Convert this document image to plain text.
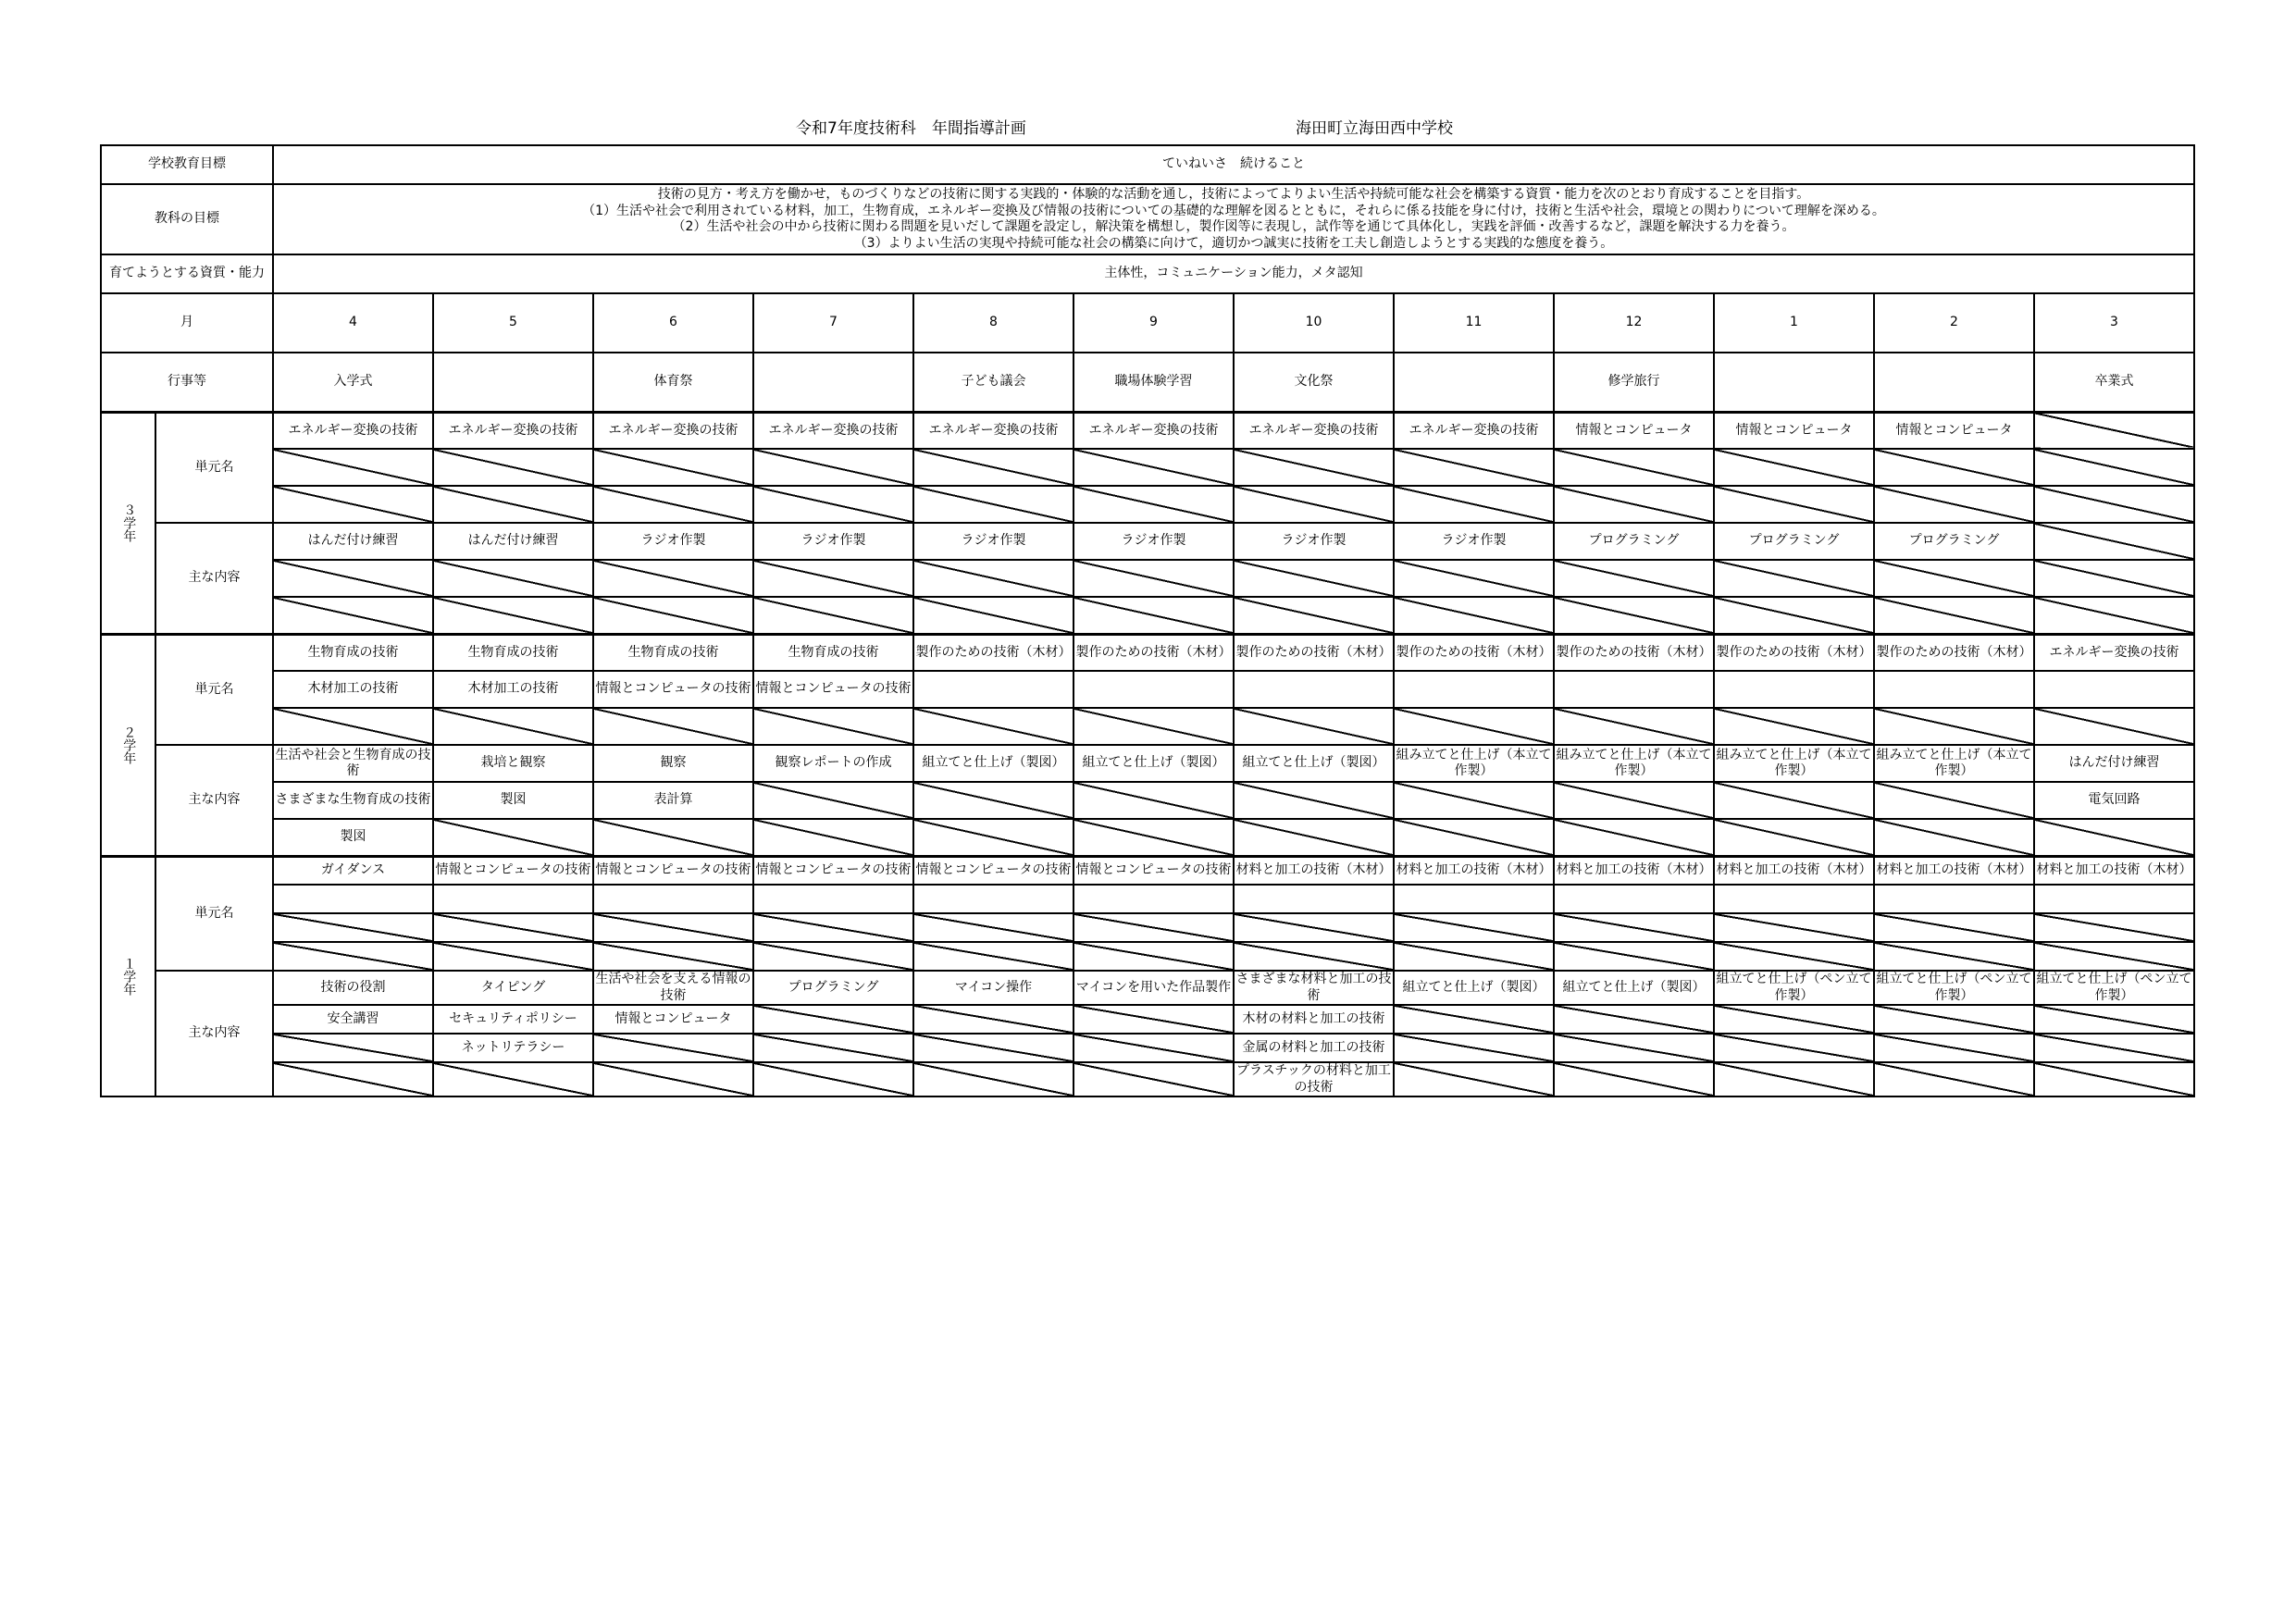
令和7年度技術科　年間指導計画	海田町立海田西中学校
学校教育目標		ていねいさ　続けること											
教科の目標		技術の見方・考え方を働かせ，ものづくりなどの技術に関する実践的・体験的な活動を通し，技術によってよりよい生活や持続可能な社会を構築する資質・能力を次のとおり育成することを目指す。
（1）生活や社会で利用されている材料，加工，生物育成，エネルギー変換及び情報の技術についての基礎的な理解を図るとともに，それらに係る技能を身に付け，技術と生活や社会，環境との関わりについて理解を深める。
（2）生活や社会の中から技術に関わる問題を見いだして課題を設定し，解決策を構想し，製作図等に表現し，試作等を通じて具体化し，実践を評価・改善するなど，課題を解決する力を養う。
（3）よりよい生活の実現や持続可能な社会の構築に向けて，適切かつ誠実に技術を工夫し創造しようとする実践的な態度を養う。											

育てようとする資質・能力		主体性，コミュニケーション能力，メタ認知											
月		4	5	6	7	8	9	10	11	12	1	2	3
行事等		入学式		体育祭		子ども議会	職場体験学習	文化祭		修学旅行			卒業式
３学年	単元名	エネルギー変換の技術	エネルギー変換の技術	エネルギー変換の技術	エネルギー変換の技術	エネルギー変換の技術	エネルギー変換の技術	エネルギー変換の技術	エネルギー変換の技術	情報とコンピュータ	情報とコンピュータ	情報とコンピュータ	

	主な内容	はんだ付け練習	はんだ付け練習	ラジオ作製	ラジオ作製	ラジオ作製	ラジオ作製	ラジオ作製	ラジオ作製	プログラミング	プログラミング	プログラミング	

２学年	単元名	生物育成の技術	生物育成の技術	生物育成の技術	生物育成の技術	製作のための技術（木材）	製作のための技術（木材）	製作のための技術（木材）	製作のための技術（木材）	製作のための技術（木材）	製作のための技術（木材）	製作のための技術（木材）	エネルギー変換の技術
		木材加工の技術	木材加工の技術	情報とコンピュータの技術	情報とコンピュータの技術								

	主な内容	生活や社会と生物育成の技術	栽培と観察	観察	観察レポートの作成	組立てと仕上げ（製図）	組立てと仕上げ（製図）	組立てと仕上げ（製図）	組み立てと仕上げ（本立て作製）	組み立てと仕上げ（本立て作製）	組み立てと仕上げ（本立て作製）	組み立てと仕上げ（本立て作製）	はんだ付け練習
		さまざまな生物育成の技術	製図	表計算									電気回路
		製図											
１学年	単元名	ガイダンス	情報とコンピュータの技術	情報とコンピュータの技術	情報とコンピュータの技術	情報とコンピュータの技術	情報とコンピュータの技術	材料と加工の技術（木材）	材料と加工の技術（木材）	材料と加工の技術（木材）	材料と加工の技術（木材）	材料と加工の技術（木材）	材料と加工の技術（木材）

	主な内容	技術の役割	タイピング	生活や社会を支える情報の技術	プログラミング	マイコン操作	マイコンを用いた作品製作	さまざまな材料と加工の技術	組立てと仕上げ（製図）	組立てと仕上げ（製図）	組立てと仕上げ（ペン立て作製）	組立てと仕上げ（ペン立て作製）	組立てと仕上げ（ペン立て作製）
		安全講習	セキュリティポリシー	情報とコンピュータ				木材の材料と加工の技術					
			ネットリテラシー					金属の材料と加工の技術					
								プラスチックの材料と加工の技術					
